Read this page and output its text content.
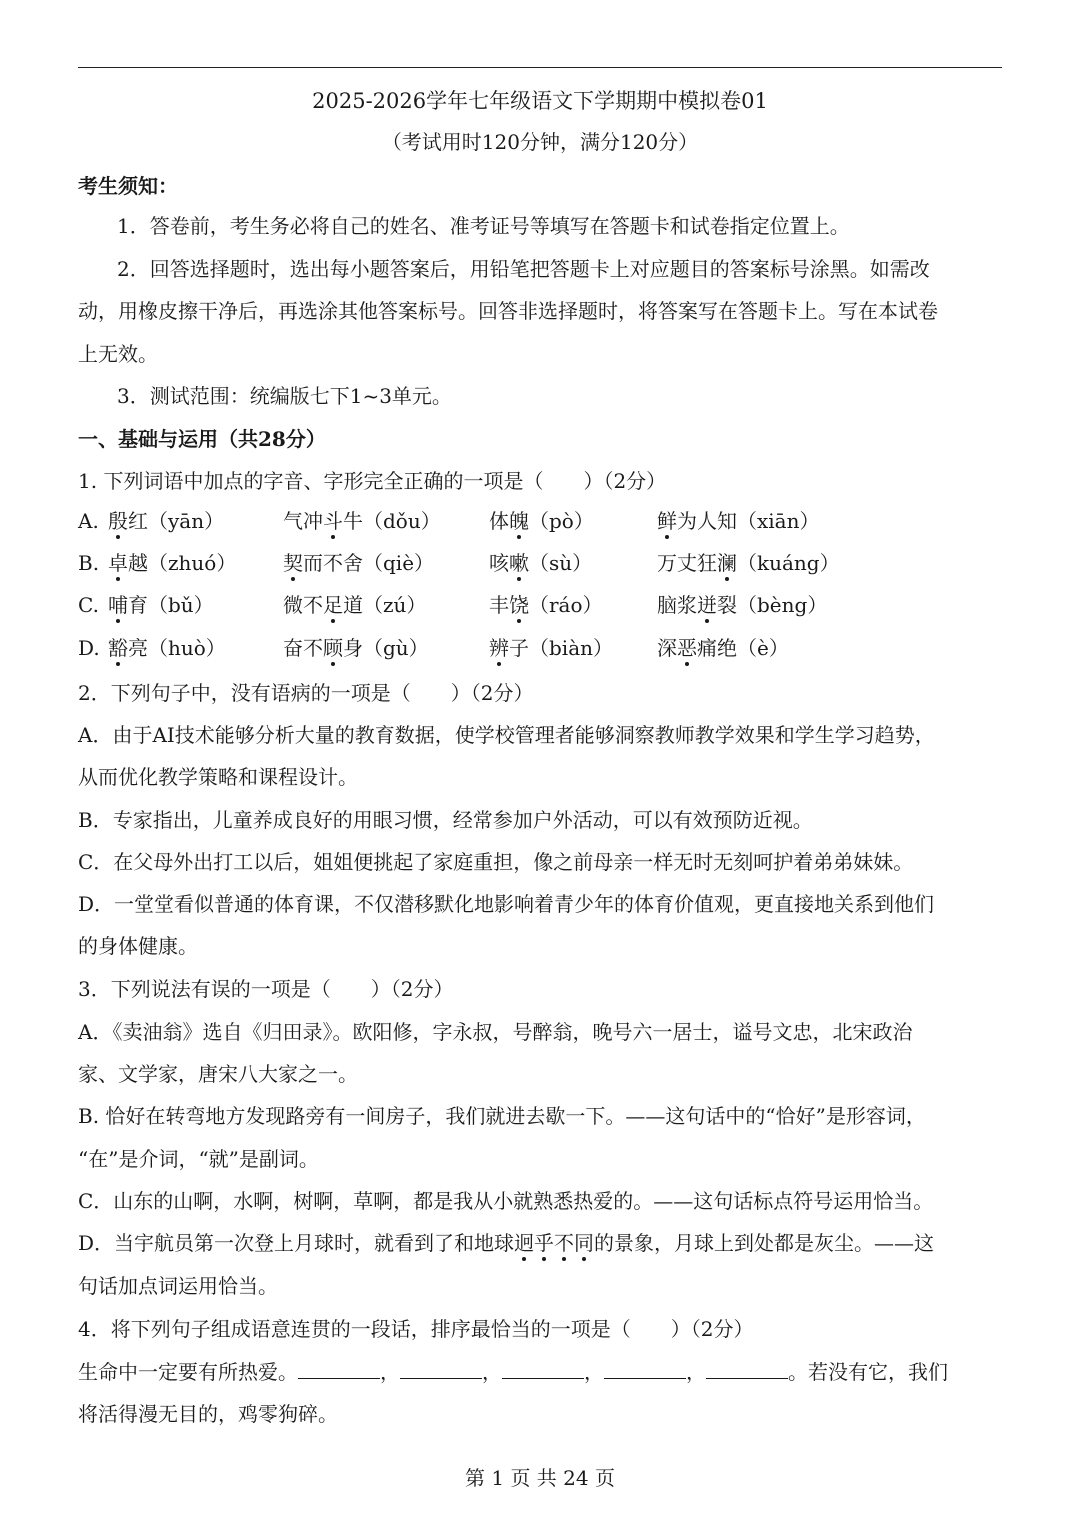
2025-2026学年七年级语文下学期期中模拟卷01
（考试用时120分钟，满分120分）
考生须知：
1．答卷前，考生务必将自己的姓名、准考证号等填写在答题卡和试卷指定位置上。
2．回答选择题时，选出每小题答案后，用铅笔把答题卡上对应题目的答案标号涂黑。如需改
动，用橡皮擦干净后，再选涂其他答案标号。回答非选择题时，将答案写在答题卡上。写在本试卷
上无效。
3．测试范围：统编版七下1~3单元。
一、基础与运用（共28分）
1. 下列词语中加点的字音、字形完全正确的一项是（　　）（2分）
A. 殷红（yān）	气冲斗牛（dǒu） 体魄（pò）	鲜为人知（xiān）
B. 卓越（zhuó） 契而不舍（qiè）	咳嗽（sù）	万丈狂澜（kuáng）
C. 哺育（bǔ）	微不足道（zú）	丰饶（ráo）	脑浆迸裂（bèng）
D. 豁亮（huò）	奋不顾身（gù）	辨子（biàn） 深恶痛绝（è）
2．下列句子中，没有语病的一项是（　　）（2分）
A．由于AI技术能够分析大量的教育数据，使学校管理者能够洞察教师教学效果和学生学习趋势，
从而优化教学策略和课程设计。
B．专家指出，儿童养成良好的用眼习惯，经常参加户外活动，可以有效预防近视。
C．在父母外出打工以后，姐姐便挑起了家庭重担，像之前母亲一样无时无刻呵护着弟弟妹妹。
D．一堂堂看似普通的体育课，不仅潜移默化地影响着青少年的体育价值观，更直接地关系到他们
的身体健康。
3．下列说法有误的一项是（　　）（2分）
A．《卖油翁》选自《归田录》。欧阳修，字永叔，号醉翁，晚号六一居士，谥号文忠，北宋政治
家、文学家，唐宋八大家之一。
B. 恰好在转弯地方发现路旁有一间房子，我们就进去歇一下。——这句话中的“恰好”是形容词，
“在”是介词，“就”是副词。
C．山东的山啊，水啊，树啊，草啊，都是我从小就熟悉热爱的。——这句话标点符号运用恰当。
D．当宇航员第一次登上月球时，就看到了和地球迥乎不同的景象，月球上到处都是灰尘。——这
句话加点词运用恰当。
4．将下列句子组成语意连贯的一段话，排序最恰当的一项是（　　）（2分）
生命中一定要有所热爱。	，	，	，	，	。若没有它，我们
将活得漫无目的，鸡零狗碎。
第 1 页 共 24 页
